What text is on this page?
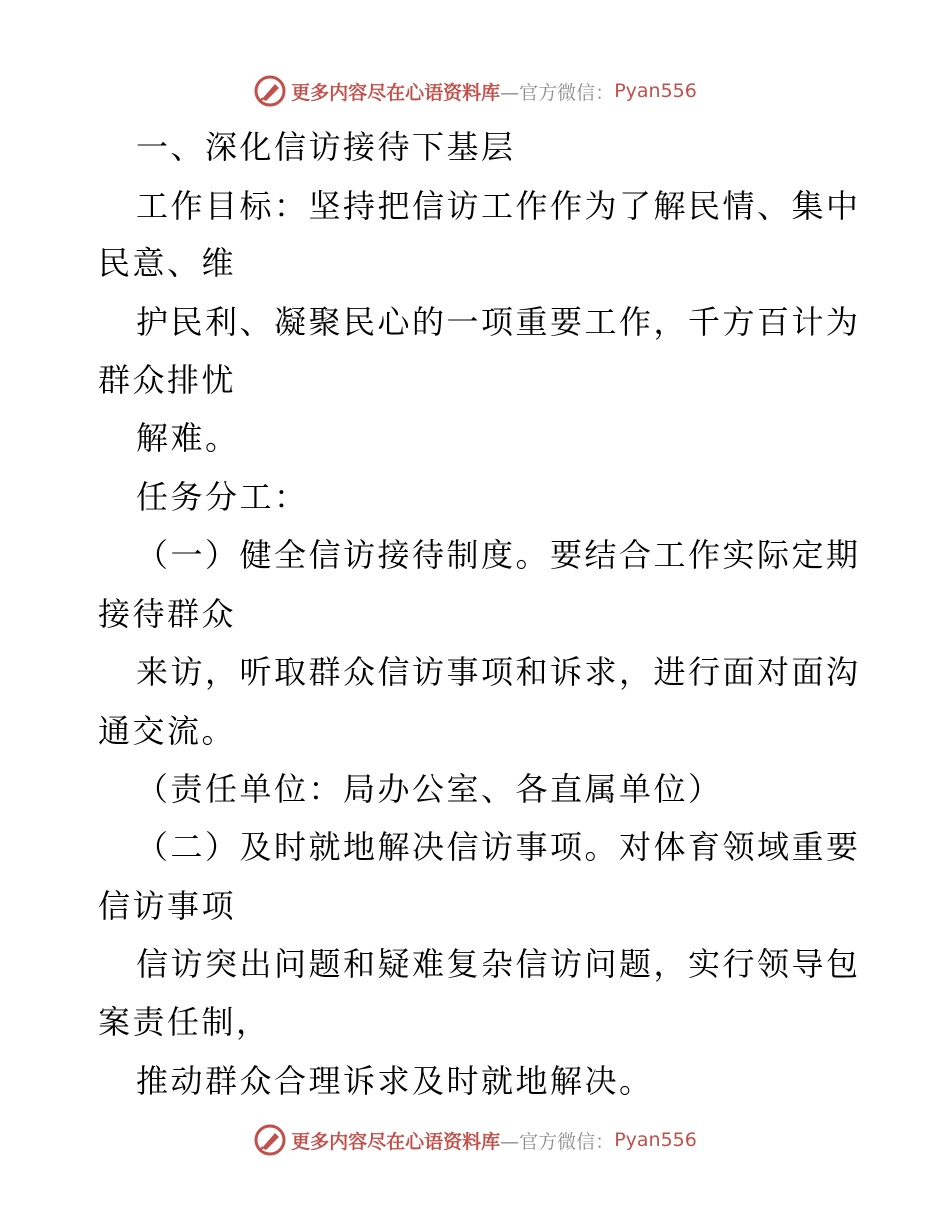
更多内容尽在心语资料库 —官方微信： Pyan556
一、深化信访接待下基层
工作目标：坚持把信访工作作为了解民情、集中
民意、维
护民利、凝聚民心的一项重要工作，千方百计为
群众排忧
解难。
任务分工：
（一）健全信访接待制度。要结合工作实际定期
接待群众
来访，听取群众信访事项和诉求，进行面对面沟
通交流。
（责任单位：局办公室、各直属单位）
（二）及时就地解决信访事项。对体育领域重要
信访事项
信访突出问题和疑难复杂信访问题，实行领导包
案责任制，
推动群众合理诉求及时就地解决。
更多内容尽在心语资料库 —官方微信： Pyan556
